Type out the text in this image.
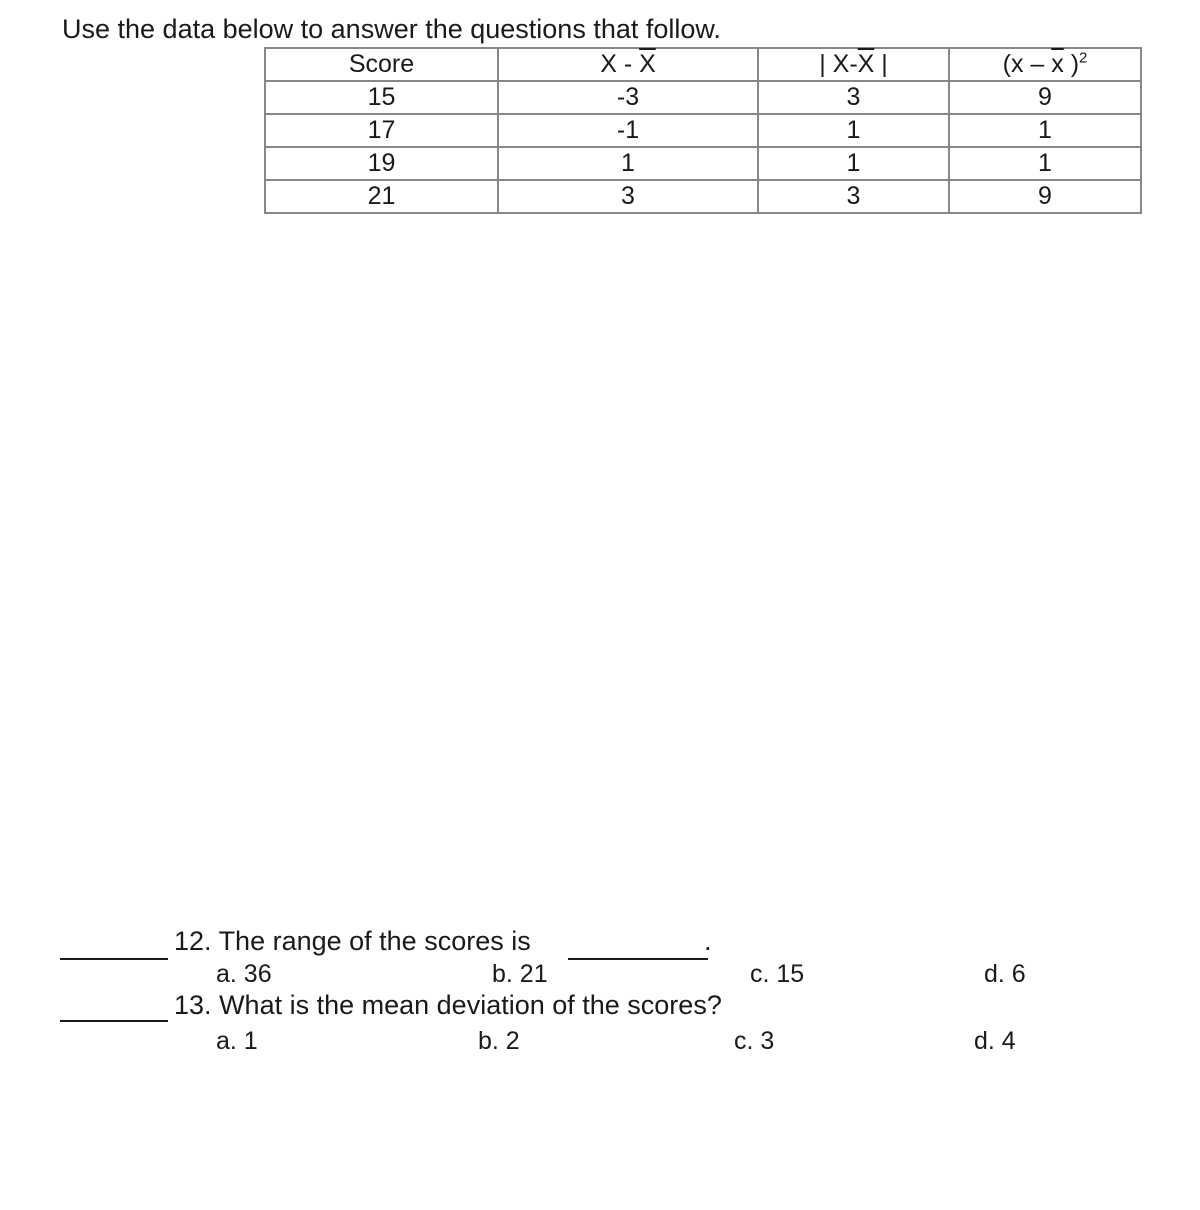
Use the data below to answer the questions that follow.
Score	X - $\overline{X}$	| $X-\overline{X}$ |	($x - \overline{x}$ )$^2$
15	-3	3	9
17	-1	1	1
19	1	1	1
21	3	3	9
12. The range of the scores is	.
a. 36	b. 21	c. 15	d. 6
13. What is the mean deviation of the scores?
a. 1	b. 2	c. 3	d. 4
